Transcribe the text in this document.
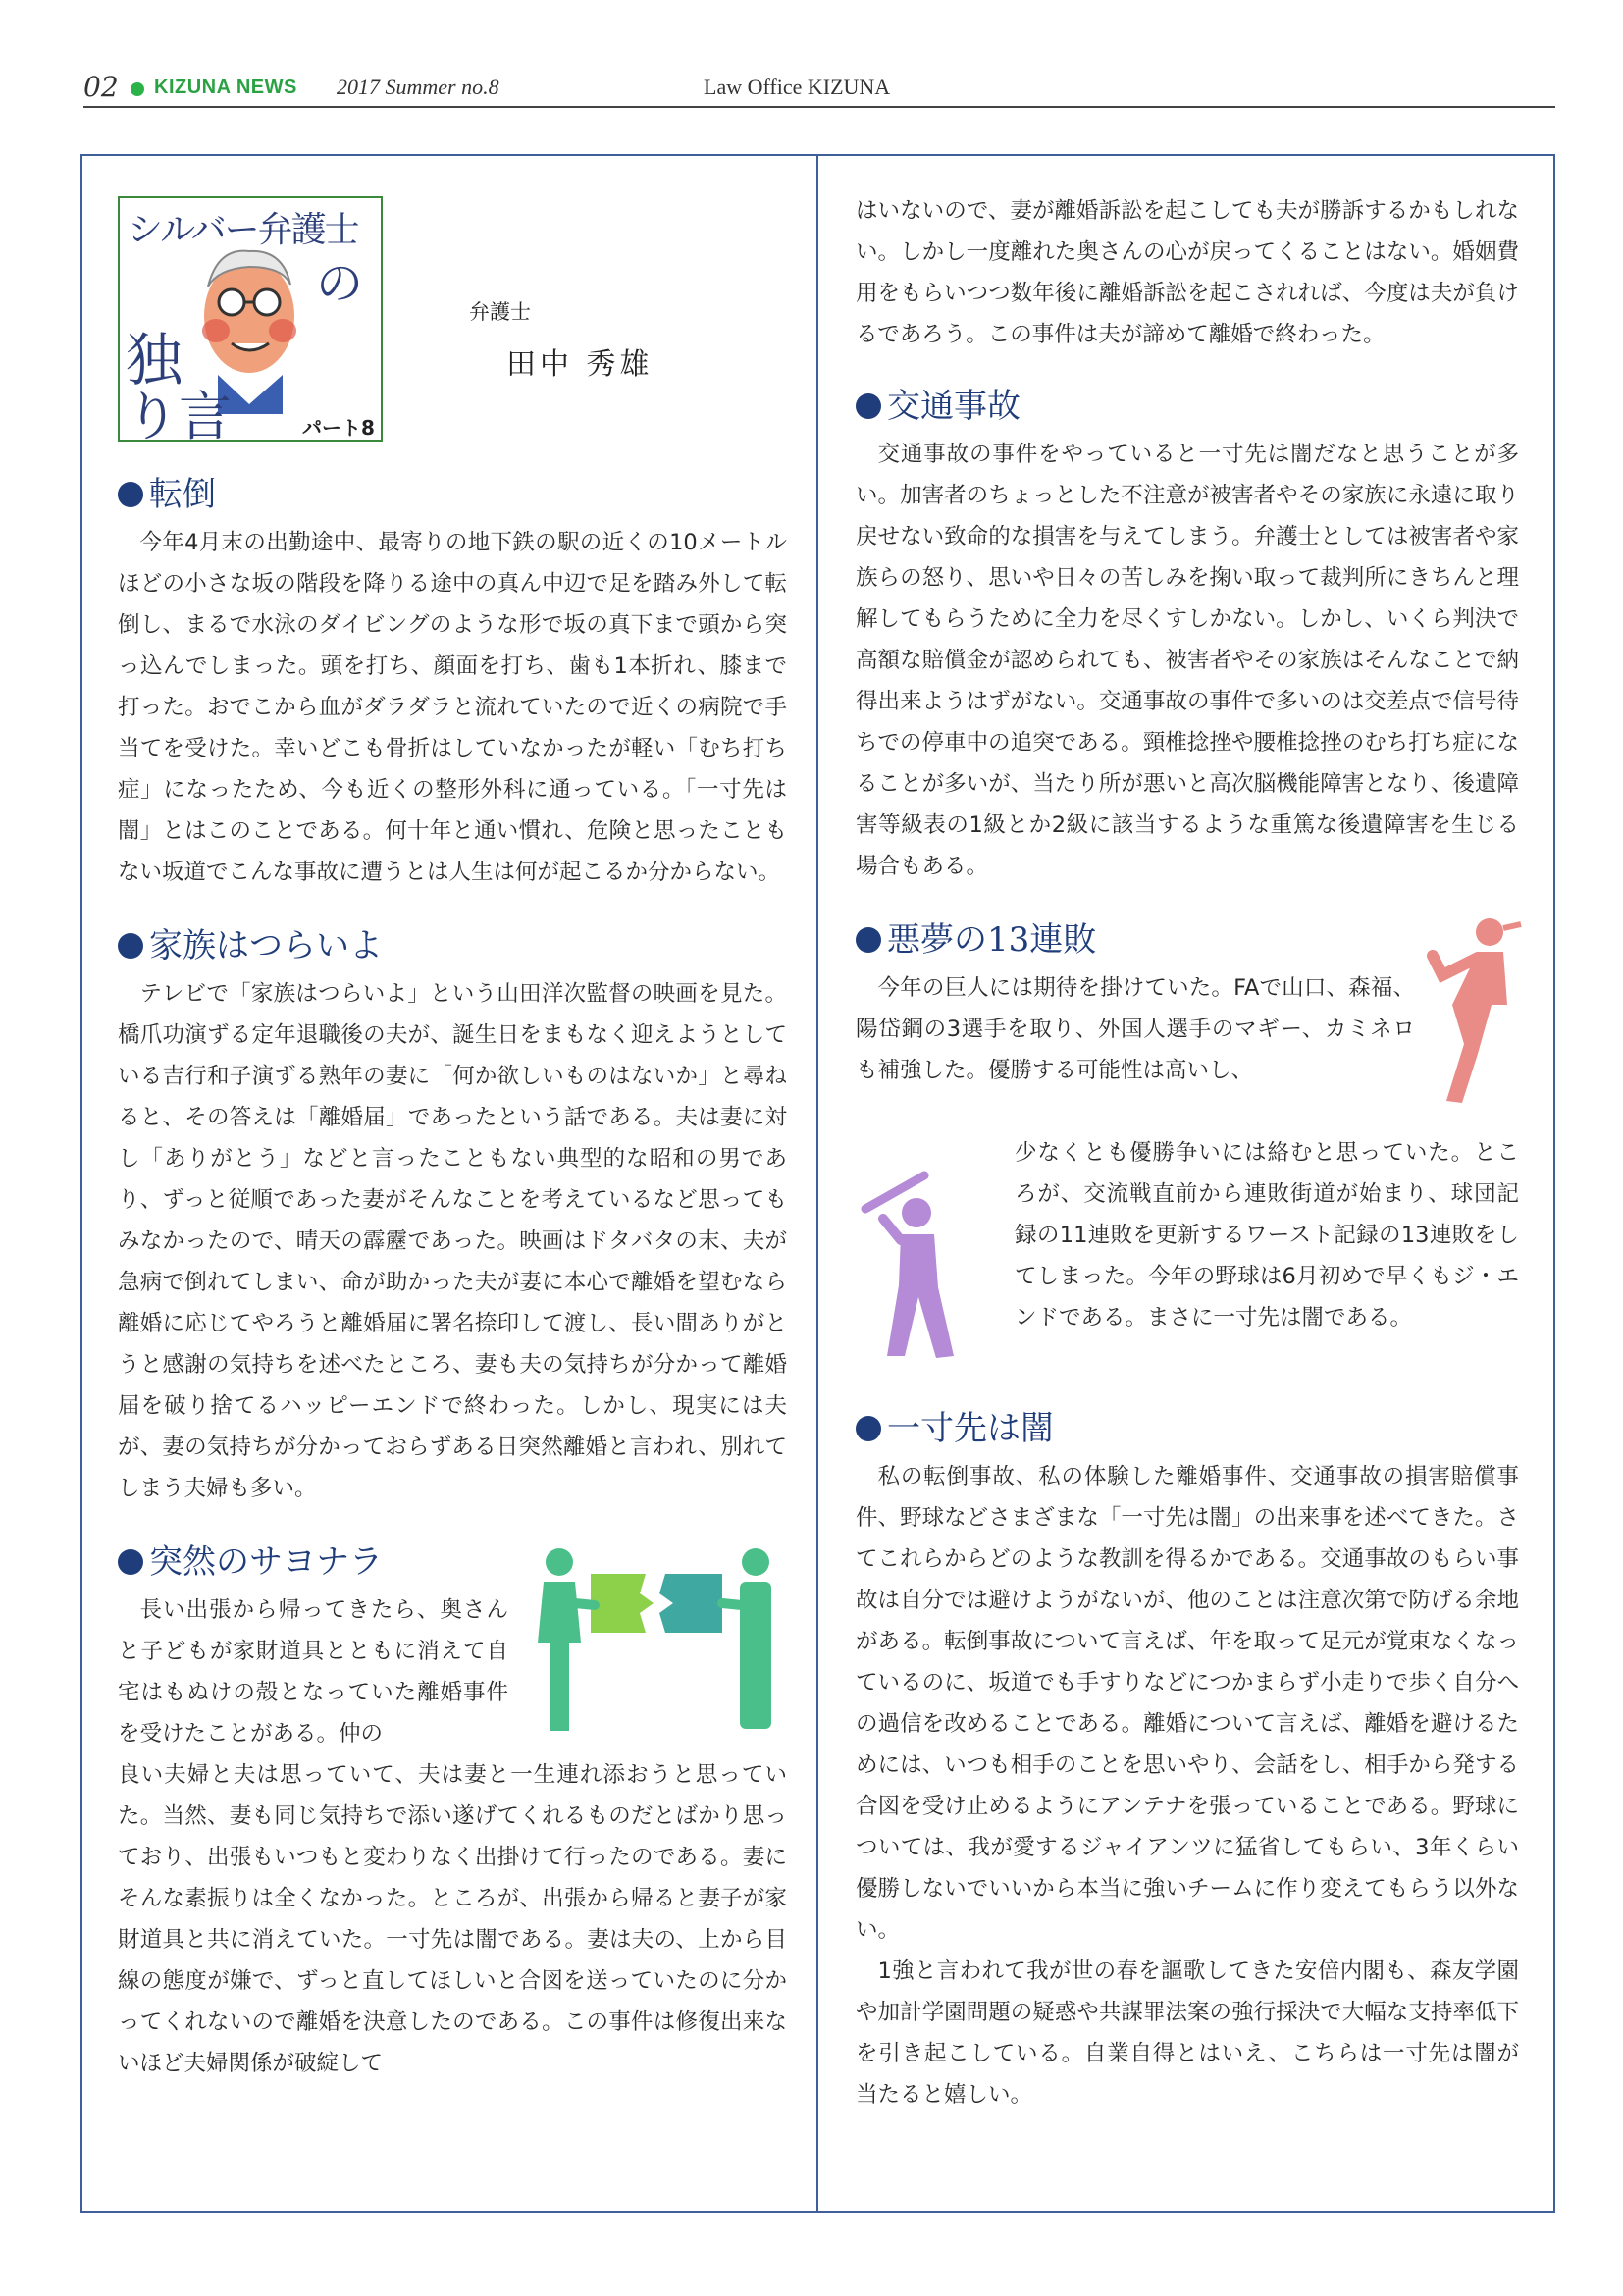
02 KIZUNA NEWS 2017 Summer no.8	Law Office KIZUNA
シルバー弁護士
の
独
り言	パート8
弁護士
田中 秀雄
転倒

今年4月末の出勤途中、最寄りの地下鉄の駅の近くの10メートルほどの小さな坂の階段を降りる途中の真ん中辺で足を踏み外して転倒し、まるで水泳のダイビングのような形で坂の真下まで頭から突っ込んでしまった。頭を打ち、顔面を打ち、歯も1本折れ、膝まで打った。おでこから血がダラダラと流れていたので近くの病院で手当てを受けた。幸いどこも骨折はしていなかったが軽い「むち打ち症」になったため、今も近くの整形外科に通っている。「一寸先は闇」とはこのことである。何十年と通い慣れ、危険と思ったこともない坂道でこんな事故に遭うとは人生は何が起こるか分からない。

家族はつらいよ

テレビで「家族はつらいよ」という山田洋次監督の映画を見た。橋爪功演ずる定年退職後の夫が、誕生日をまもなく迎えようとしている吉行和子演ずる熟年の妻に「何か欲しいものはないか」と尋ねると、その答えは「離婚届」であったという話である。夫は妻に対し「ありがとう」などと言ったこともない典型的な昭和の男であり、ずっと従順であった妻がそんなことを考えているなど思ってもみなかったので、晴天の霹靂であった。映画はドタバタの末、夫が急病で倒れてしまい、命が助かった夫が妻に本心で離婚を望むなら離婚に応じてやろうと離婚届に署名捺印して渡し、長い間ありがとうと感謝の気持ちを述べたところ、妻も夫の気持ちが分かって離婚届を破り捨てるハッピーエンドで終わった。しかし、現実には夫が、妻の気持ちが分かっておらずある日突然離婚と言われ、別れてしまう夫婦も多い。

突然のサヨナラ

長い出張から帰ってきたら、奥さんと子どもが家財道具とともに消えて自宅はもぬけの殻となっていた離婚事件を受けたことがある。仲の

良い夫婦と夫は思っていて、夫は妻と一生連れ添おうと思っていた。当然、妻も同じ気持ちで添い遂げてくれるものだとばかり思っており、出張もいつもと変わりなく出掛けて行ったのである。妻にそんな素振りは全くなかった。ところが、出張から帰ると妻子が家財道具と共に消えていた。一寸先は闇である。妻は夫の、上から目線の態度が嫌で、ずっと直してほしいと合図を送っていたのに分かってくれないので離婚を決意したのである。この事件は修復出来ないほど夫婦関係が破綻して

はいないので、妻が離婚訴訟を起こしても夫が勝訴するかもしれない。しかし一度離れた奥さんの心が戻ってくることはない。婚姻費用をもらいつつ数年後に離婚訴訟を起こされれば、今度は夫が負けるであろう。この事件は夫が諦めて離婚で終わった。

交通事故

交通事故の事件をやっていると一寸先は闇だなと思うことが多い。加害者のちょっとした不注意が被害者やその家族に永遠に取り戻せない致命的な損害を与えてしまう。弁護士としては被害者や家族らの怒り、思いや日々の苦しみを掬い取って裁判所にきちんと理解してもらうために全力を尽くすしかない。しかし、いくら判決で高額な賠償金が認められても、被害者やその家族はそんなことで納得出来ようはずがない。交通事故の事件で多いのは交差点で信号待ちでの停車中の追突である。頸椎捻挫や腰椎捻挫のむち打ち症になることが多いが、当たり所が悪いと高次脳機能障害となり、後遺障害等級表の1級とか2級に該当するような重篤な後遺障害を生じる場合もある。

悪夢の13連敗

今年の巨人には期待を掛けていた。FAで山口、森福、陽岱鋼の3選手を取り、外国人選手のマギー、カミネロも補強した。優勝する可能性は高いし、

少なくとも優勝争いには絡むと思っていた。ところが、交流戦直前から連敗街道が始まり、球団記録の11連敗を更新するワースト記録の13連敗をしてしまった。今年の野球は6月初めで早くもジ・エンドである。まさに一寸先は闇である。

一寸先は闇

私の転倒事故、私の体験した離婚事件、交通事故の損害賠償事件、野球などさまざまな「一寸先は闇」の出来事を述べてきた。さてこれらからどのような教訓を得るかである。交通事故のもらい事故は自分では避けようがないが、他のことは注意次第で防げる余地がある。転倒事故について言えば、年を取って足元が覚束なくなっているのに、坂道でも手すりなどにつかまらず小走りで歩く自分への過信を改めることである。離婚について言えば、離婚を避けるためには、いつも相手のことを思いやり、会話をし、相手から発する合図を受け止めるようにアンテナを張っていることである。野球については、我が愛するジャイアンツに猛省してもらい、3年くらい優勝しないでいいから本当に強いチームに作り変えてもらう以外ない。

1強と言われて我が世の春を謳歌してきた安倍内閣も、森友学園や加計学園問題の疑惑や共謀罪法案の強行採決で大幅な支持率低下を引き起こしている。自業自得とはいえ、こちらは一寸先は闇が当たると嬉しい。
